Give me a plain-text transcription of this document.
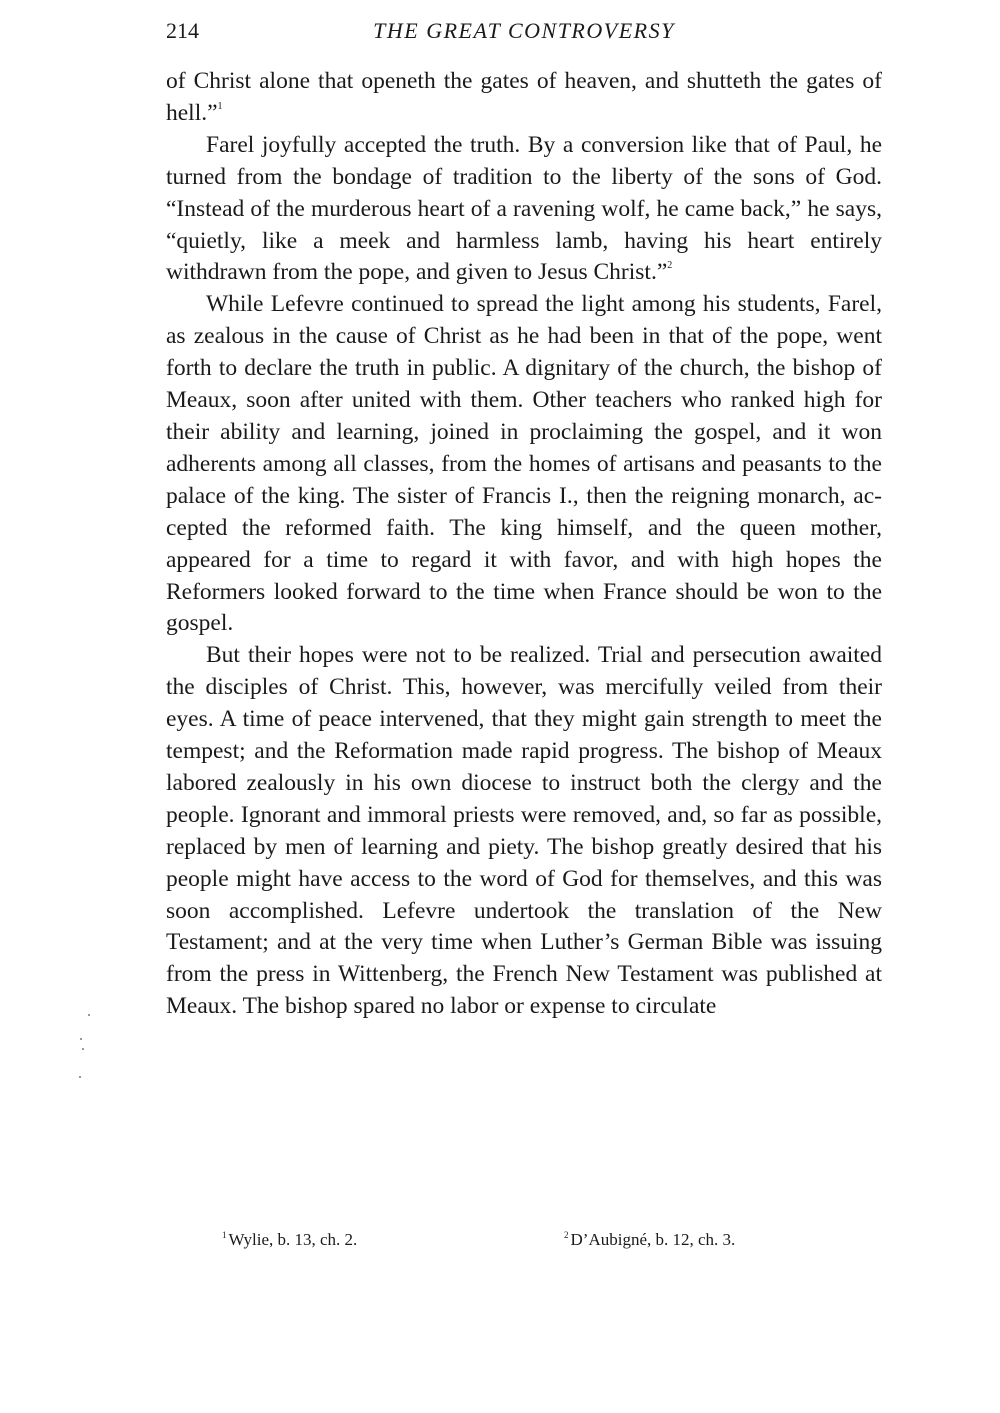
214	THE GREAT CONTROVERSY

of Christ alone that openeth the gates of heaven, and shutteth the gates of hell.”$^1$

Farel joyfully accepted the truth. By a conversion like that of Paul, he turned from the bondage of tradition to the liberty of the sons of God. “Instead of the murderous heart of a ravening wolf, he came back,” he says, “quietly, like a meek and harmless lamb, having his heart entirely withdrawn from the pope, and given to Jesus Christ.”$^2$

While Lefevre continued to spread the light among his students, Farel, as zealous in the cause of Christ as he had been in that of the pope, went forth to declare the truth in public. A dignitary of the church, the bishop of Meaux, soon after united with them. Other teachers who ranked high for their ability and learning, joined in proclaiming the gospel, and it won adherents among all classes, from the homes of artisans and peasants to the palace of the king. The sister of Francis I., then the reigning monarch, accepted the reformed faith. The king himself, and the queen mother, appeared for a time to regard it with favor, and with high hopes the Reformers looked forward to the time when France should be won to the gospel.

But their hopes were not to be realized. Trial and persecution awaited the disciples of Christ. This, however, was mercifully veiled from their eyes. A time of peace intervened, that they might gain strength to meet the tempest; and the Reformation made rapid progress. The bishop of Meaux labored zealously in his own diocese to instruct both the clergy and the people. Ignorant and immoral priests were removed, and, so far as possible, replaced by men of learning and piety. The bishop greatly desired that his people might have access to the word of God for themselves, and this was soon accomplished. Lefevre undertook the translation of the New Testament; and at the very time when Luther’s German Bible was issuing from the press in Wittenberg, the French New Testament was published at Meaux. The bishop spared no labor or expense to circulate

$^1$ Wylie, b. 13, ch. 2.	$^2$ D’Aubigné, b. 12, ch. 3.
